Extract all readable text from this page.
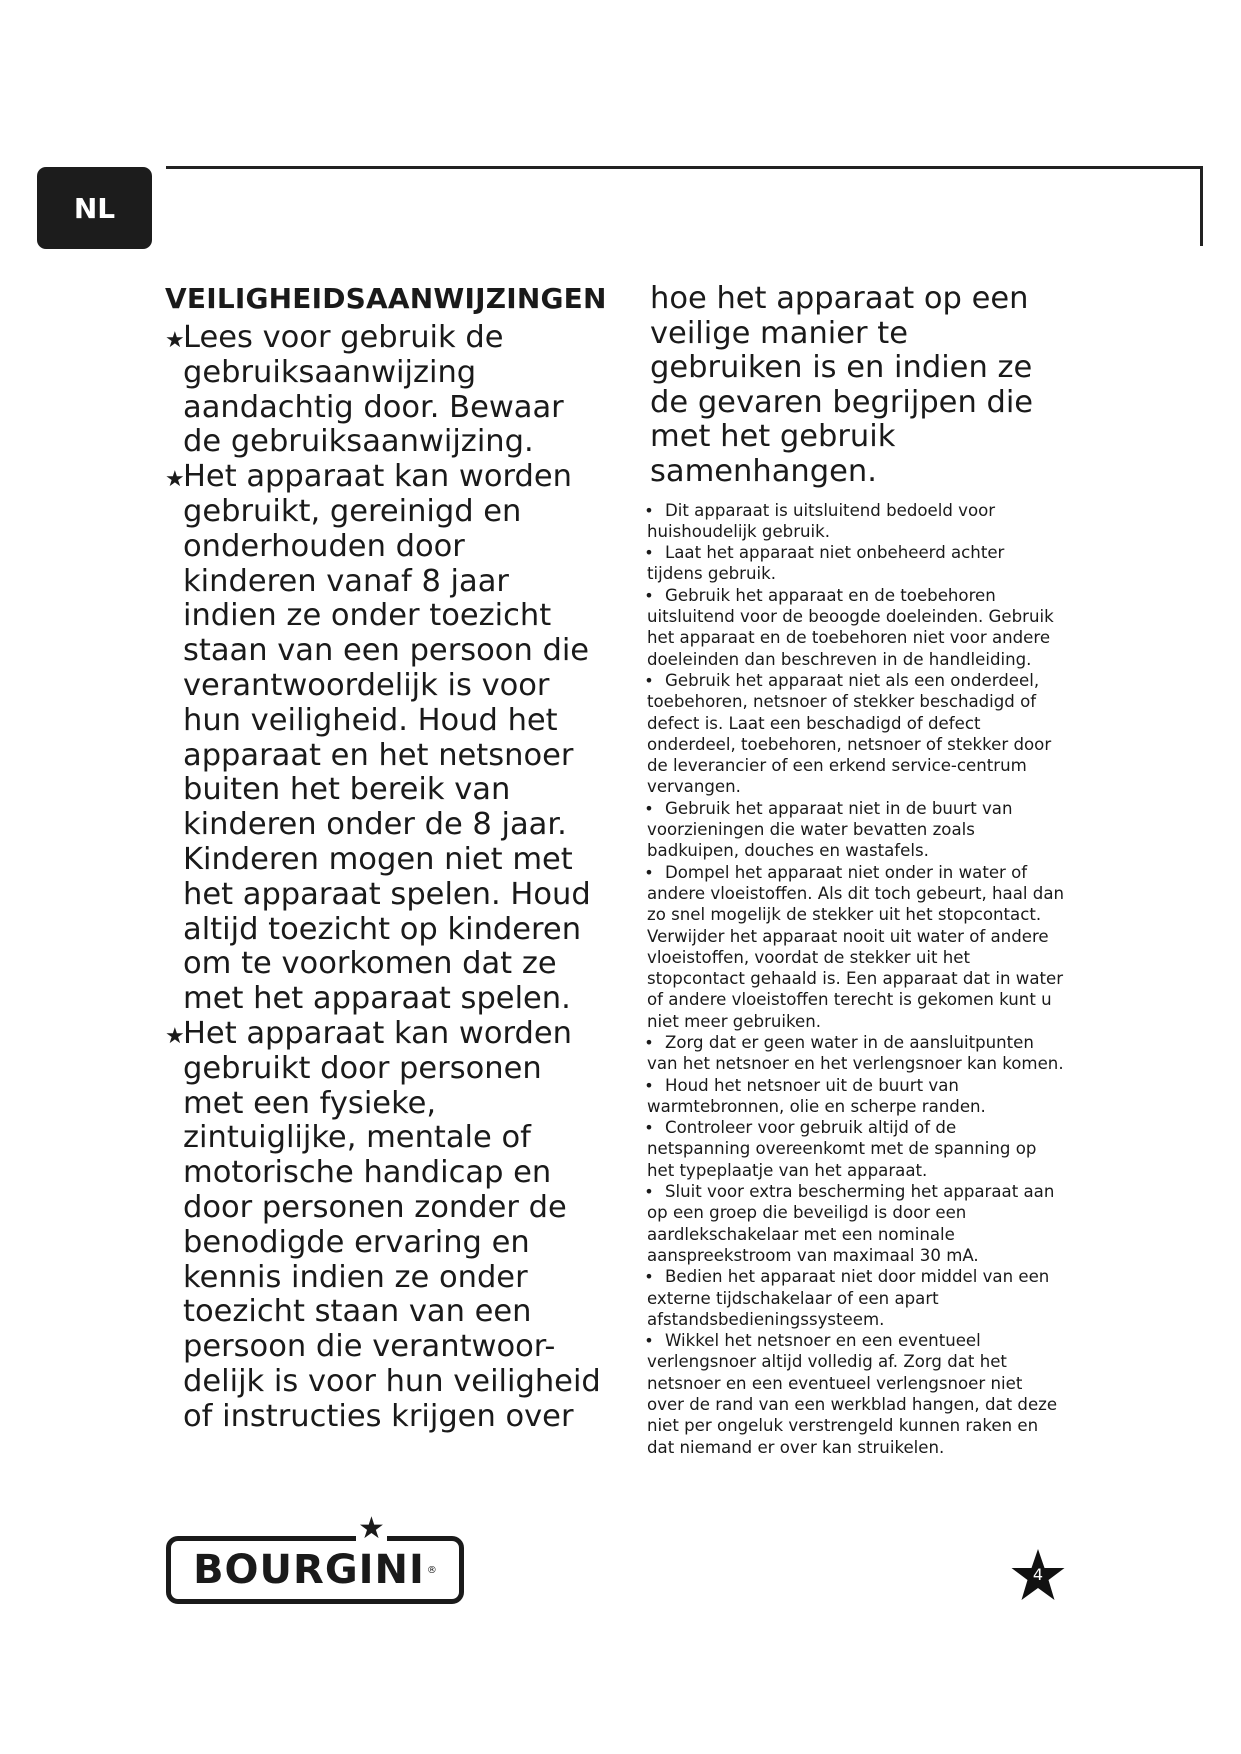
NL
VEILIGHEIDSAANWIJZINGEN
★
Lees voor gebruik de gebruiksaanwijzing aandachtig door. Bewaar de gebruiksaanwijzing.
★
Het apparaat kan worden gebruikt, gereinigd en onderhouden door kinderen vanaf 8 jaar indien ze onder toezicht staan van een persoon die verantwoordelijk is voor hun veiligheid. Houd het apparaat en het netsnoer buiten het bereik van kinderen onder de 8 jaar. Kinderen mogen niet met het apparaat spelen. Houd altijd toezicht op kinderen om te voorkomen dat ze met het apparaat spelen.
★
Het apparaat kan worden gebruikt door personen met een fysieke, zintuiglijke, mentale of motorische handicap en door personen zonder de benodigde ervaring en kennis indien ze onder toezicht staan van een persoon die verantwoor-delijk is voor hun veiligheid of instructies krijgen over

hoe het apparaat op een veilige manier te gebruiken is en indien ze de gevaren begrijpen die met het gebruik samenhangen.

• Dit apparaat is uitsluitend bedoeld voor huishoudelijk gebruik.
• Laat het apparaat niet onbeheerd achter tijdens gebruik.
• Gebruik het apparaat en de toebehoren uitsluitend voor de beoogde doeleinden. Gebruik het apparaat en de toebehoren niet voor andere doeleinden dan beschreven in de handleiding.
• Gebruik het apparaat niet als een onderdeel, toebehoren, netsnoer of stekker beschadigd of defect is. Laat een beschadigd of defect onderdeel, toebehoren, netsnoer of stekker door de leverancier of een erkend service-centrum vervangen.
• Gebruik het apparaat niet in de buurt van voorzieningen die water bevatten zoals badkuipen, douches en wastafels.
• Dompel het apparaat niet onder in water of andere vloeistoffen. Als dit toch gebeurt, haal dan zo snel mogelijk de stekker uit het stopcontact. Verwijder het apparaat nooit uit water of andere vloeistoffen, voordat de stekker uit het stopcontact gehaald is. Een apparaat dat in water of andere vloeistoffen terecht is gekomen kunt u niet meer gebruiken.
• Zorg dat er geen water in de aansluitpunten van het netsnoer en het verlengsnoer kan komen.
• Houd het netsnoer uit de buurt van warmtebronnen, olie en scherpe randen.
• Controleer voor gebruik altijd of de netspanning overeenkomt met de spanning op het typeplaatje van het apparaat.
• Sluit voor extra bescherming het apparaat aan op een groep die beveiligd is door een aardlekschakelaar met een nominale aanspreekstroom van maximaal 30 mA.
• Bedien het apparaat niet door middel van een externe tijdschakelaar of een apart afstandsbedieningssysteem.
• Wikkel het netsnoer en een eventueel verlengsnoer altijd volledig af. Zorg dat het netsnoer en een eventueel verlengsnoer niet over de rand van een werkblad hangen, dat deze niet per ongeluk verstrengeld kunnen raken en dat niemand er over kan struikelen.
BOURGINI ®
★
4
